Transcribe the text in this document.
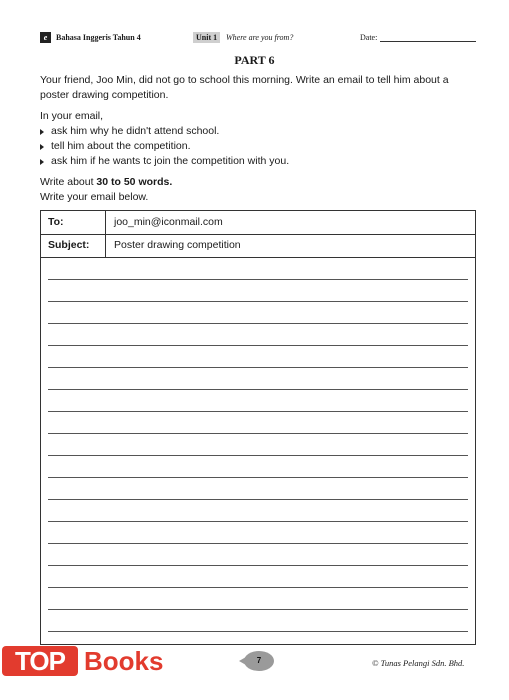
e	Bahasa Inggeris Tahun 4	Unit 1	Where are you from?	Date:
PART 6
Your friend, Joo Min, did not go to school this morning. Write an email to tell him about a poster drawing competition.
In your email,
ask him why he didn't attend school.
tell him about the competition.
ask him if he wants tc join the competition with you.
Write about 30 to 50 words.
Write your email below.
To:	joo_min@iconmail.com
Subject:	Poster drawing competition
TOP Books	7	© Tunas Pelangi Sdn. Bhd.
